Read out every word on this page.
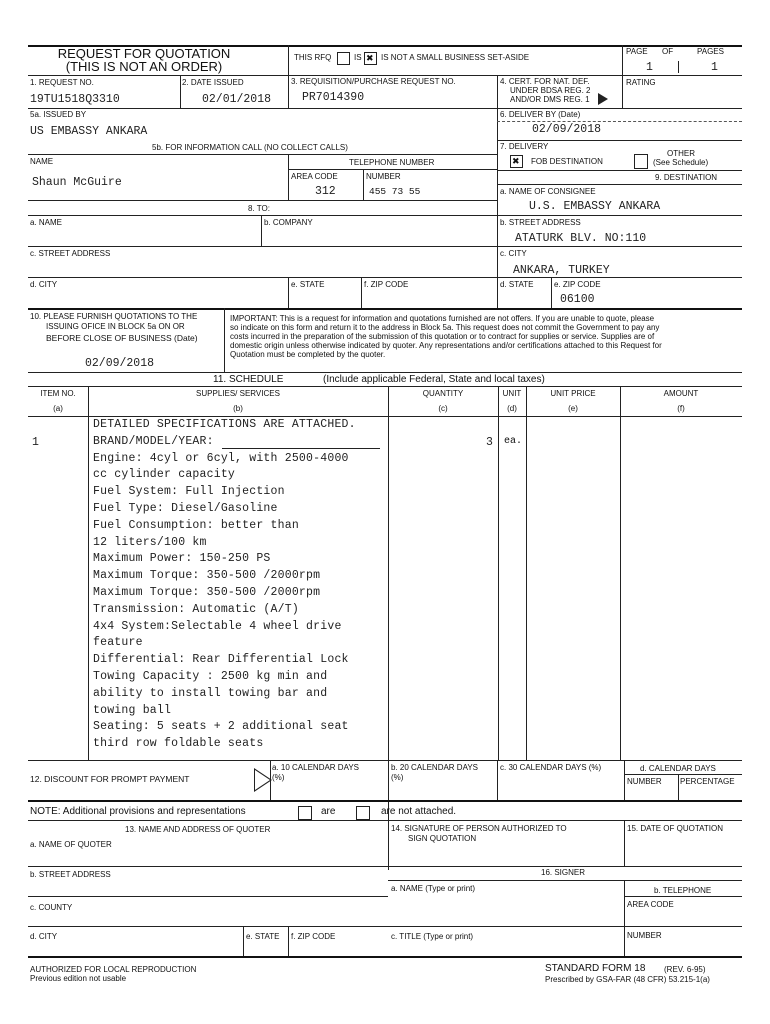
REQUEST FOR QUOTATION
(THIS IS NOT AN ORDER)
THIS RFQ	IS
✖ IS NOT A SMALL BUSINESS SET-ASIDE
PAGE OF	PAGES
1	1
1. REQUEST NO.
19TU1518Q3310
2. DATE ISSUED
02/01/2018
3. REQUISITION/PURCHASE REQUEST NO.
PR7014390
4. CERT. FOR NAT. DEF.
UNDER BDSA REG. 2
AND/OR DMS REG. 1
RATING
5a. ISSUED BY
US EMBASSY ANKARA
6. DELIVER BY (Date)
02/09/2018
5b. FOR INFORMATION CALL (NO COLLECT CALLS)
NAME	TELEPHONE NUMBER
AREA CODE	NUMBER
Shaun McGuire
312	455 73 55
7. DELIVERY
✖
FOB DESTINATION
OTHER
(See Schedule)
9. DESTINATION
a. NAME OF CONSIGNEE
U.S. EMBASSY ANKARA
8. TO:
a. NAME	b. COMPANY	b. STREET ADDRESS
ATATURK BLV. NO:110
c. STREET ADDRESS	c. CITY
ANKARA, TURKEY
d. CITY	e. STATE	f. ZIP CODE	d. STATE	e. ZIP CODE
06100
10. PLEASE FURNISH QUOTATIONS TO THE
ISSUING OFICE IN BLOCK 5a ON OR
BEFORE CLOSE OF BUSINESS (Date)
02/09/2018
IMPORTANT: This is a request for information and quotations furnished are not offers. If you are unable to quote, please
so indicate on this form and return it to the address in Block 5a. This request does not commit the Government to pay any
costs incurred in the preparation of the submission of this quotation or to contract for supplies or service. Supplies are of
domestic origin unless otherwise indicated by quoter. Any representations and/or certifications attached to this Request for
Quotation must be completed by the quoter.
11. SCHEDULE	(Include applicable Federal, State and local taxes)
ITEM NO.	SUPPLIES/ SERVICES	QUANTITY	UNIT	UNIT PRICE	AMOUNT
(a)	(b)	(c)	(d)	(e)	(f)
1
DETAILED SPECIFICATIONS ARE ATTACHED.
BRAND/MODEL/YEAR:
Engine: 4cyl or 6cyl, with 2500-4000
cc cylinder capacity
Fuel System: Full Injection
Fuel Type: Diesel/Gasoline
Fuel Consumption: better than
12 liters/100 km
Maximum Power: 150-250 PS
Maximum Torque: 350-500 /2000rpm
Maximum Torque: 350-500 /2000rpm
Transmission: Automatic (A/T)
4x4 System:Selectable 4 wheel drive
feature
Differential: Rear Differential Lock
Towing Capacity : 2500 kg min and
ability to install towing bar and
towing ball
Seating: 5 seats + 2 additional seat
third row foldable seats
3 ea.
12. DISCOUNT FOR PROMPT PAYMENT
a. 10 CALENDAR DAYS
(%)
b. 20 CALENDAR DAYS
(%)
c. 30 CALENDAR DAYS (%)	d. CALENDAR DAYS
NUMBER PERCENTAGE
NOTE: Additional provisions and representations	are	are not attached.
13. NAME AND ADDRESS OF QUOTER
a. NAME OF QUOTER
14. SIGNATURE OF PERSON AUTHORIZED TO
SIGN QUOTATION
15. DATE OF QUOTATION
b. STREET ADDRESS	16. SIGNER
a. NAME (Type or print)	b. TELEPHONE
AREA CODE
c. COUNTY
d. CITY	e. STATE f. ZIP CODE	c. TITLE (Type or print)	NUMBER
AUTHORIZED FOR LOCAL REPRODUCTION
Previous edition not usable
STANDARD FORM 18 (REV. 6-95)
Prescribed by GSA-FAR (48 CFR) 53.215-1(a)
